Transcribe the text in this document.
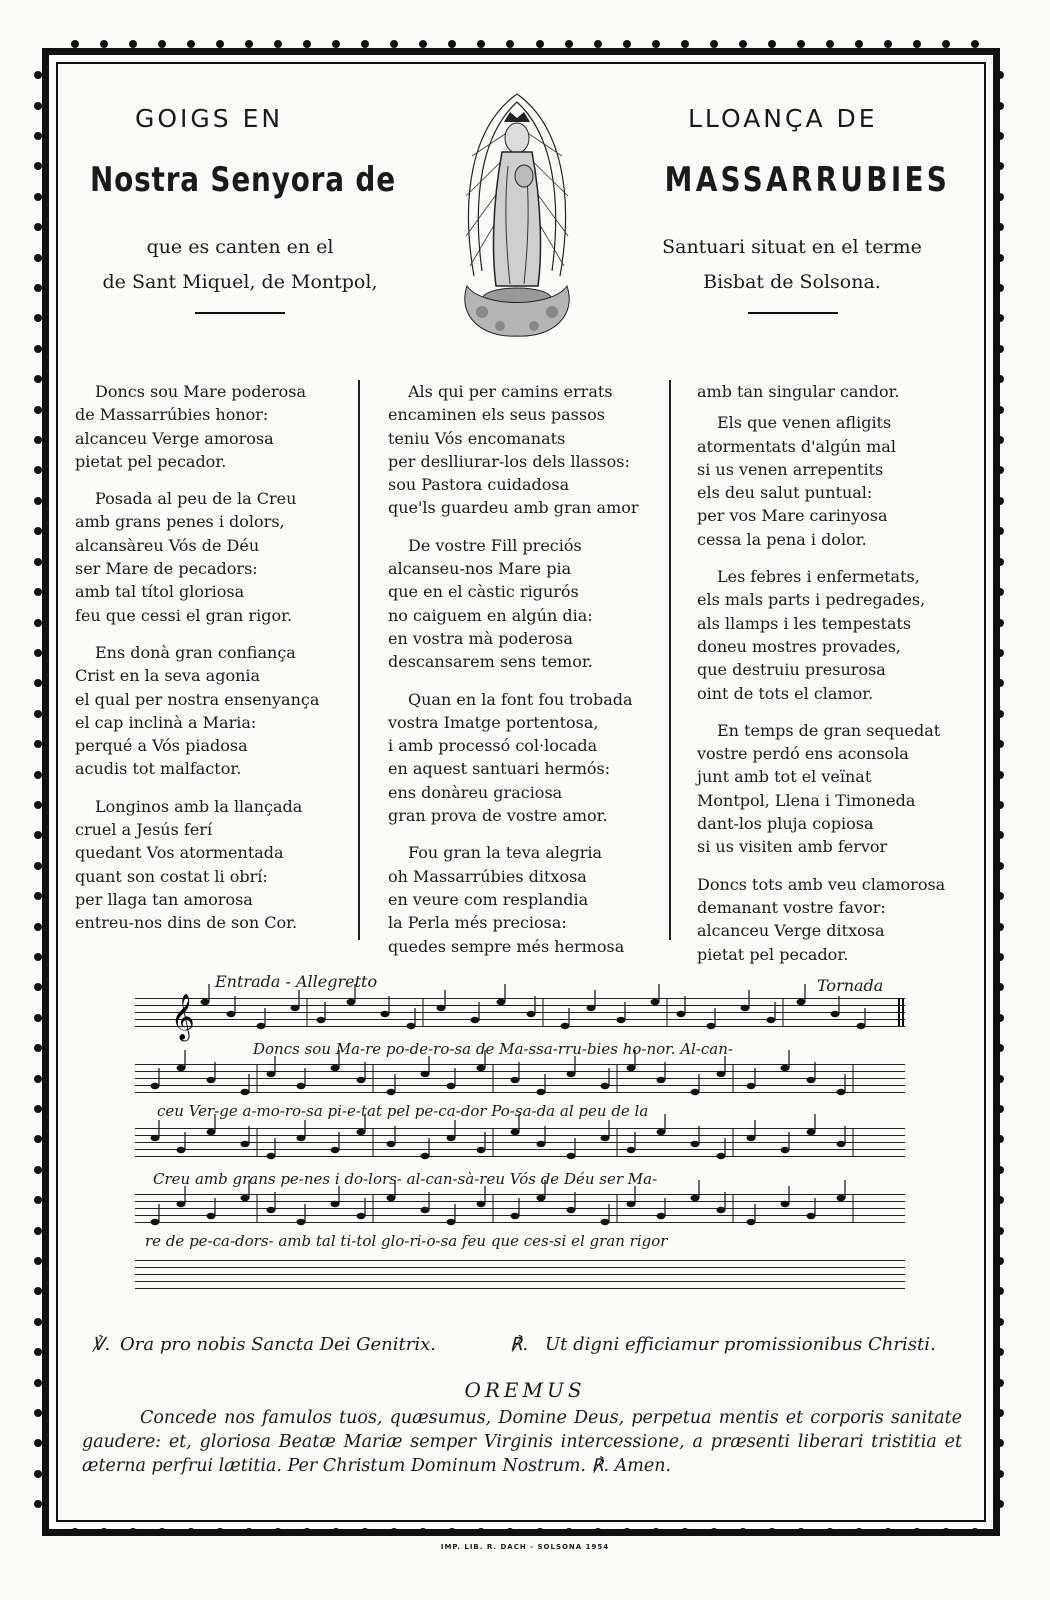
GOIGS EN
Nostra Senyora de
que es canten en el
de Sant Miquel, de Montpol,
LLOANÇA DE
MASSARRUBIES
Santuari situat en el terme
Bisbat de Solsona.

Doncs sou Mare poderosa
de Massarrúbies honor:
alcanceu Verge amorosa
pietat pel pecador.

Posada al peu de la Creu
amb grans penes i dolors,
alcansàreu Vós de Déu
ser Mare de pecadors:
amb tal títol gloriosa
feu que cessi el gran rigor.

Ens donà gran confiança
Crist en la seva agonia
el qual per nostra ensenyança
el cap inclinà a Maria:
perqué a Vós piadosa
acudis tot malfactor.

Longinos amb la llançada
cruel a Jesús ferí
quedant Vos atormentada
quant son costat li obrí:
per llaga tan amorosa
entreu-nos dins de son Cor.

Als qui per camins errats
encaminen els seus passos
teniu Vós encomanats
per deslliurar-los dels llassos:
sou Pastora cuidadosa
que'ls guardeu amb gran amor

De vostre Fill preciós
alcanseu-nos Mare pia
que en el càstic rigurós
no caiguem en algún dia:
en vostra mà poderosa
descansarem sens temor.

Quan en la font fou trobada
vostra Imatge portentosa,
i amb processó col·locada
en aquest santuari hermós:
ens donàreu graciosa
gran prova de vostre amor.

Fou gran la teva alegria
oh Massarrúbies ditxosa
en veure com resplandia
la Perla més preciosa:
quedes sempre més hermosa

amb tan singular candor.

Els que venen afligits
atormentats d'algún mal
si us venen arrepentits
els deu salut puntual:
per vos Mare carinyosa
cessa la pena i dolor.

Les febres i enfermetats,
els mals parts i pedregades,
als llamps i les tempestats
doneu mostres provades,
que destruiu presurosa
oint de tots el clamor.

En temps de gran sequedat
vostre perdó ens aconsola
junt amb tot el veïnat
Montpol, Llena i Timoneda
dant-los pluja copiosa
si us visiten amb fervor

Doncs tots amb veu clamorosa
demanant vostre favor:
alcanceu Verge ditxosa
pietat pel pecador.

Entrada - Allegretto	Tornada
Doncs sou Ma-re po-de-ro-sa de Ma-ssa-rru-bies ho-nor. Al-can-
ceu Ver-ge a-mo-ro-sa pi-e-tat pel pe-ca-dor Po-sa-da al peu de la
Creu amb grans pe-nes i do-lors- al-can-sà-reu Vós de Déu ser Ma-
re de pe-ca-dors- amb tal ti-tol glo-ri-o-sa feu que ces-si el gran rigor
𝄞
℣. Ora pro nobis Sancta Dei Genitrix.	℟. Ut digni efficiamur promissionibus Christi.
OREMUS
Concede nos famulos tuos, quæsumus, Domine Deus, perpetua mentis et corporis sanitate gaudere: et, gloriosa Beatæ Mariæ semper Virginis intercessione, a præsenti liberari tristitia et æterna perfrui lætitia. Per Christum Dominum Nostrum. ℟. Amen.
IMP. LIB. R. DACH - SOLSONA 1954
